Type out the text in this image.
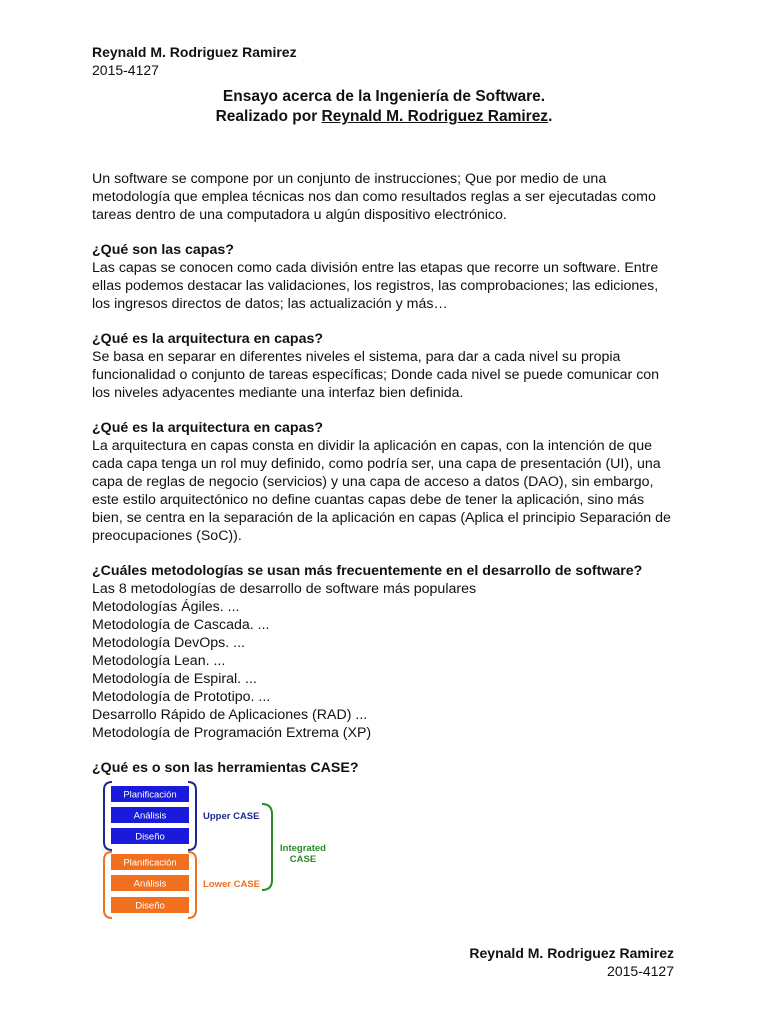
Reynald M. Rodriguez Ramirez
2015-4127
Ensayo acerca de la Ingeniería de Software.
Realizado por Reynald M. Rodriguez Ramirez.

Un software se compone por un conjunto de instrucciones; Que por medio de una
metodología que emplea técnicas nos dan como resultados reglas a ser ejecutadas como
tareas dentro de una computadora u algún dispositivo electrónico.

¿Qué son las capas?

Las capas se conocen como cada división entre las etapas que recorre un software. Entre
ellas podemos destacar las validaciones, los registros, las comprobaciones; las ediciones,
los ingresos directos de datos; las actualización y más…

¿Qué es la arquitectura en capas?

Se basa en separar en diferentes niveles el sistema, para dar a cada nivel su propia
funcionalidad o conjunto de tareas específicas; Donde cada nivel se puede comunicar con
los niveles adyacentes mediante una interfaz bien definida.

¿Qué es la arquitectura en capas?

La arquitectura en capas consta en dividir la aplicación en capas, con la intención de que
cada capa tenga un rol muy definido, como podría ser, una capa de presentación (UI), una
capa de reglas de negocio (servicios) y una capa de acceso a datos (DAO), sin embargo,
este estilo arquitectónico no define cuantas capas debe de tener la aplicación, sino más
bien, se centra en la separación de la aplicación en capas (Aplica el principio Separación de
preocupaciones (SoC)).

¿Cuáles metodologías se usan más frecuentemente en el desarrollo de software?

Las 8 metodologías de desarrollo de software más populares
Metodologías Ágiles. ...
Metodología de Cascada. ...
Metodología DevOps. ...
Metodología Lean. ...
Metodología de Espiral. ...
Metodología de Prototipo. ...
Desarrollo Rápido de Aplicaciones (RAD) ...
Metodología de Programación Extrema (XP)

¿Qué es o son las herramientas CASE?

Planificación
Análisis
Diseño
Upper CASE
Planificación
Análisis
Diseño
Lower CASE
Integrated
CASE
Reynald M. Rodriguez Ramirez
2015-4127
